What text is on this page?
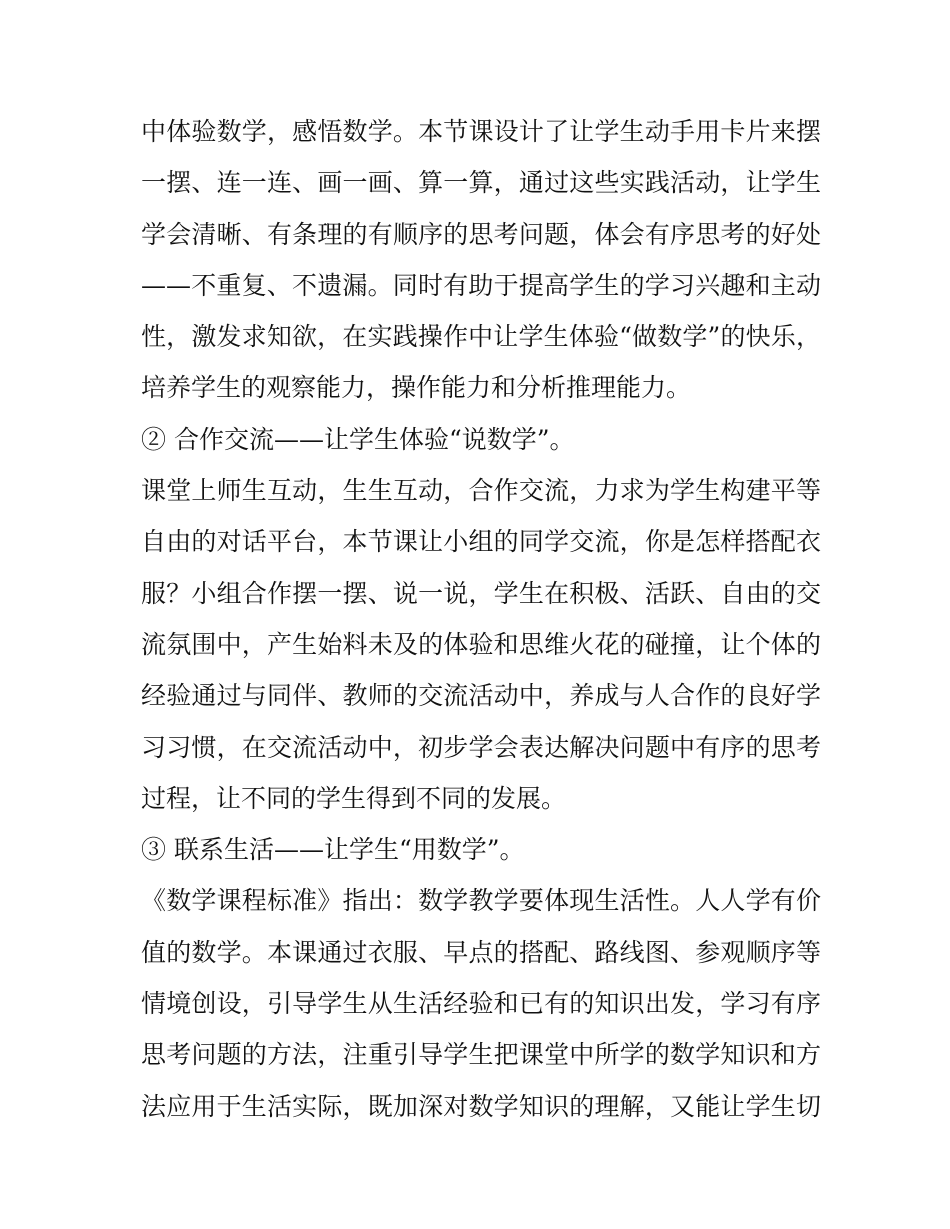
中体验数学，感悟数学。本节课设计了让学生动手用卡片来摆
一摆、连一连、画一画、算一算，通过这些实践活动，让学生
学会清晰、有条理的有顺序的思考问题，体会有序思考的好处
——不重复、不遗漏。同时有助于提高学生的学习兴趣和主动
性，激发求知欲，在实践操作中让学生体验“做数学”的快乐，
培养学生的观察能力，操作能力和分析推理能力。
② 合作交流——让学生体验“说数学”。
课堂上师生互动，生生互动，合作交流，力求为学生构建平等
自由的对话平台，本节课让小组的同学交流，你是怎样搭配衣
服？小组合作摆一摆、说一说，学生在积极、活跃、自由的交
流氛围中，产生始料未及的体验和思维火花的碰撞，让个体的
经验通过与同伴、教师的交流活动中，养成与人合作的良好学
习习惯，在交流活动中，初步学会表达解决问题中有序的思考
过程，让不同的学生得到不同的发展。
③ 联系生活——让学生“用数学”。
《数学课程标准》指出：数学教学要体现生活性。人人学有价
值的数学。本课通过衣服、早点的搭配、路线图、参观顺序等
情境创设，引导学生从生活经验和已有的知识出发，学习有序
思考问题的方法，注重引导学生把课堂中所学的数学知识和方
法应用于生活实际，既加深对数学知识的理解，又能让学生切
